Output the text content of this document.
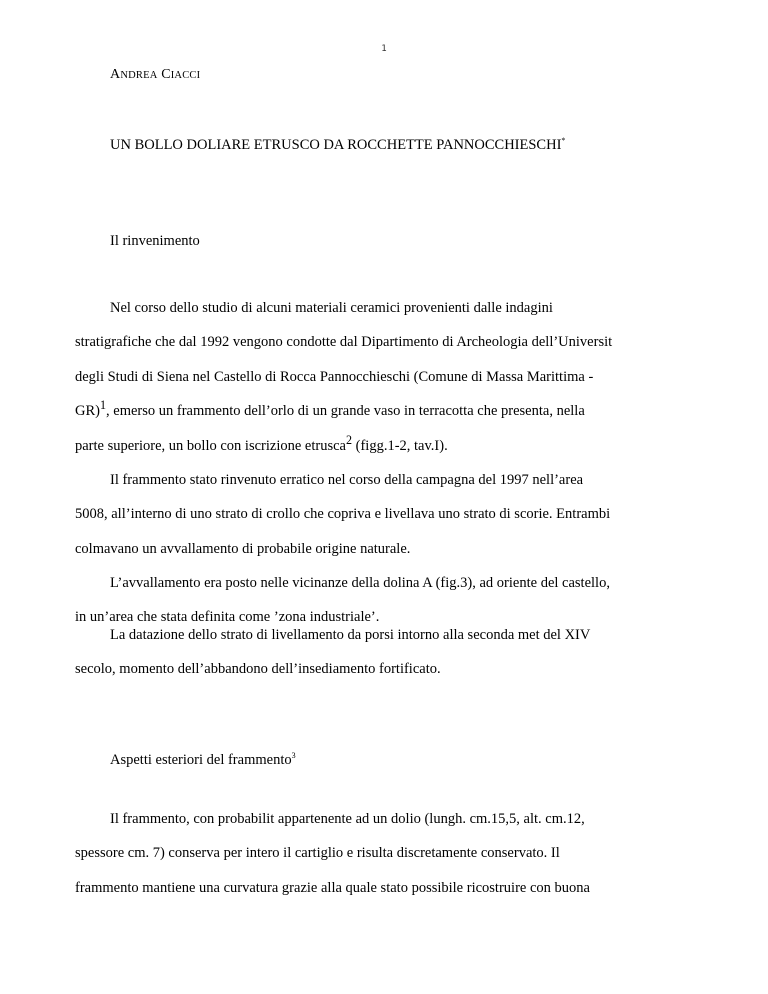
1
ANDREA CIACCI
UN BOLLO DOLIARE ETRUSCO DA ROCCHETTE PANNOCCHIESCHI*
Il rinvenimento
Nel corso dello studio di alcuni materiali ceramici provenienti dalle indagini
stratigrafiche che dal 1992 vengono condotte dal Dipartimento di Archeologia dell’Universit
degli Studi di Siena nel Castello di Rocca Pannocchieschi (Comune di Massa Marittima -
GR)$^1$, emerso un frammento dell’orlo di un grande vaso in terracotta che presenta, nella
parte superiore, un bollo con iscrizione etrusca$^2$ (figg.1-2, tav.I).
Il frammento stato rinvenuto erratico nel corso della campagna del 1997 nell’area
5008, all’interno di uno strato di crollo che copriva e livellava uno strato di scorie. Entrambi
colmavano un avvallamento di probabile origine naturale.
L’avvallamento era posto nelle vicinanze della dolina A (fig.3), ad oriente del castello,
in un’area che stata definita come ’zona industriale’.
La datazione dello strato di livellamento da porsi intorno alla seconda met del XIV
secolo, momento dell’abbandono dell’insediamento fortificato.
Aspetti esteriori del frammento$^3$
Il frammento, con probabilit appartenente ad un dolio (lungh. cm.15,5, alt. cm.12,
spessore cm. 7) conserva per intero il cartiglio e risulta discretamente conservato. Il
frammento mantiene una curvatura grazie alla quale stato possibile ricostruire con buona
